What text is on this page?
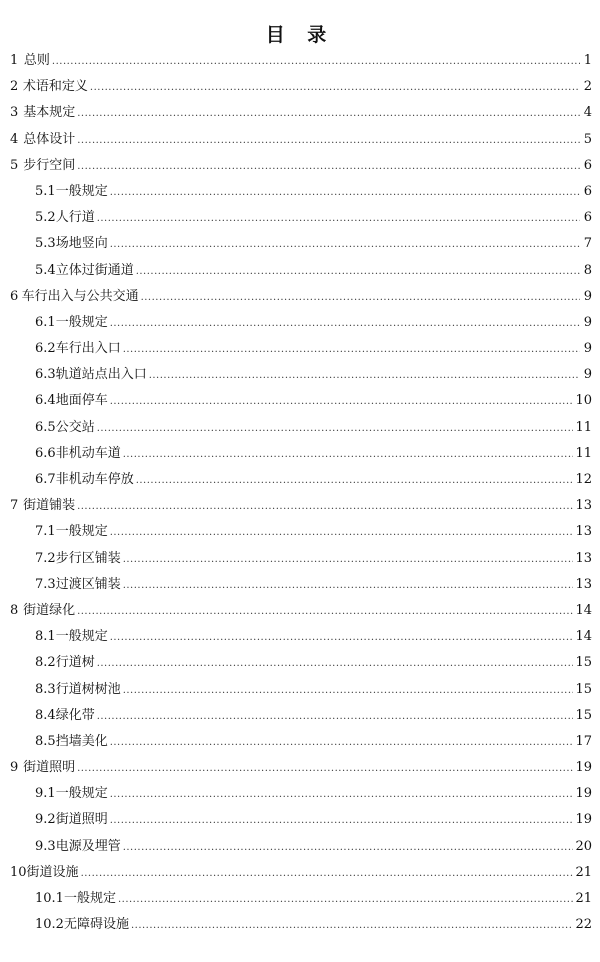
目 录
1 总则 .....	1
2 术语和定义 .....	2
3 基本规定 .....	4
4 总体设计 .....	5
5 步行空间 .....	6
5.1 一般规定 .....	6
5.2 人行道 .....	6
5.3 场地竖向 .....	7
5.4 立体过街通道 .....	8
6 车行出入与公共交通 .....	9
6.1 一般规定 .....	9
6.2 车行出入口 .....	9
6.3 轨道站点出入口 .....	9
6.4 地面停车 .....	10
6.5 公交站 .....	11
6.6 非机动车道 .....	11
6.7 非机动车停放 .....	12
7 街道铺装 .....	13
7.1 一般规定 .....	13
7.2 步行区铺装 .....	13
7.3 过渡区铺装 .....	13
8 街道绿化 .....	14
8.1 一般规定 .....	14
8.2 行道树 .....	15
8.3 行道树树池 .....	15
8.4 绿化带 .....	15
8.5 挡墙美化 .....	17
9 街道照明 .....	19
9.1 一般规定 .....	19
9.2 街道照明 .....	19
9.3 电源及埋管 .....	20
10 街道设施 .....	21
10.1 一般规定 .....	21
10.2 无障碍设施 .....	22
